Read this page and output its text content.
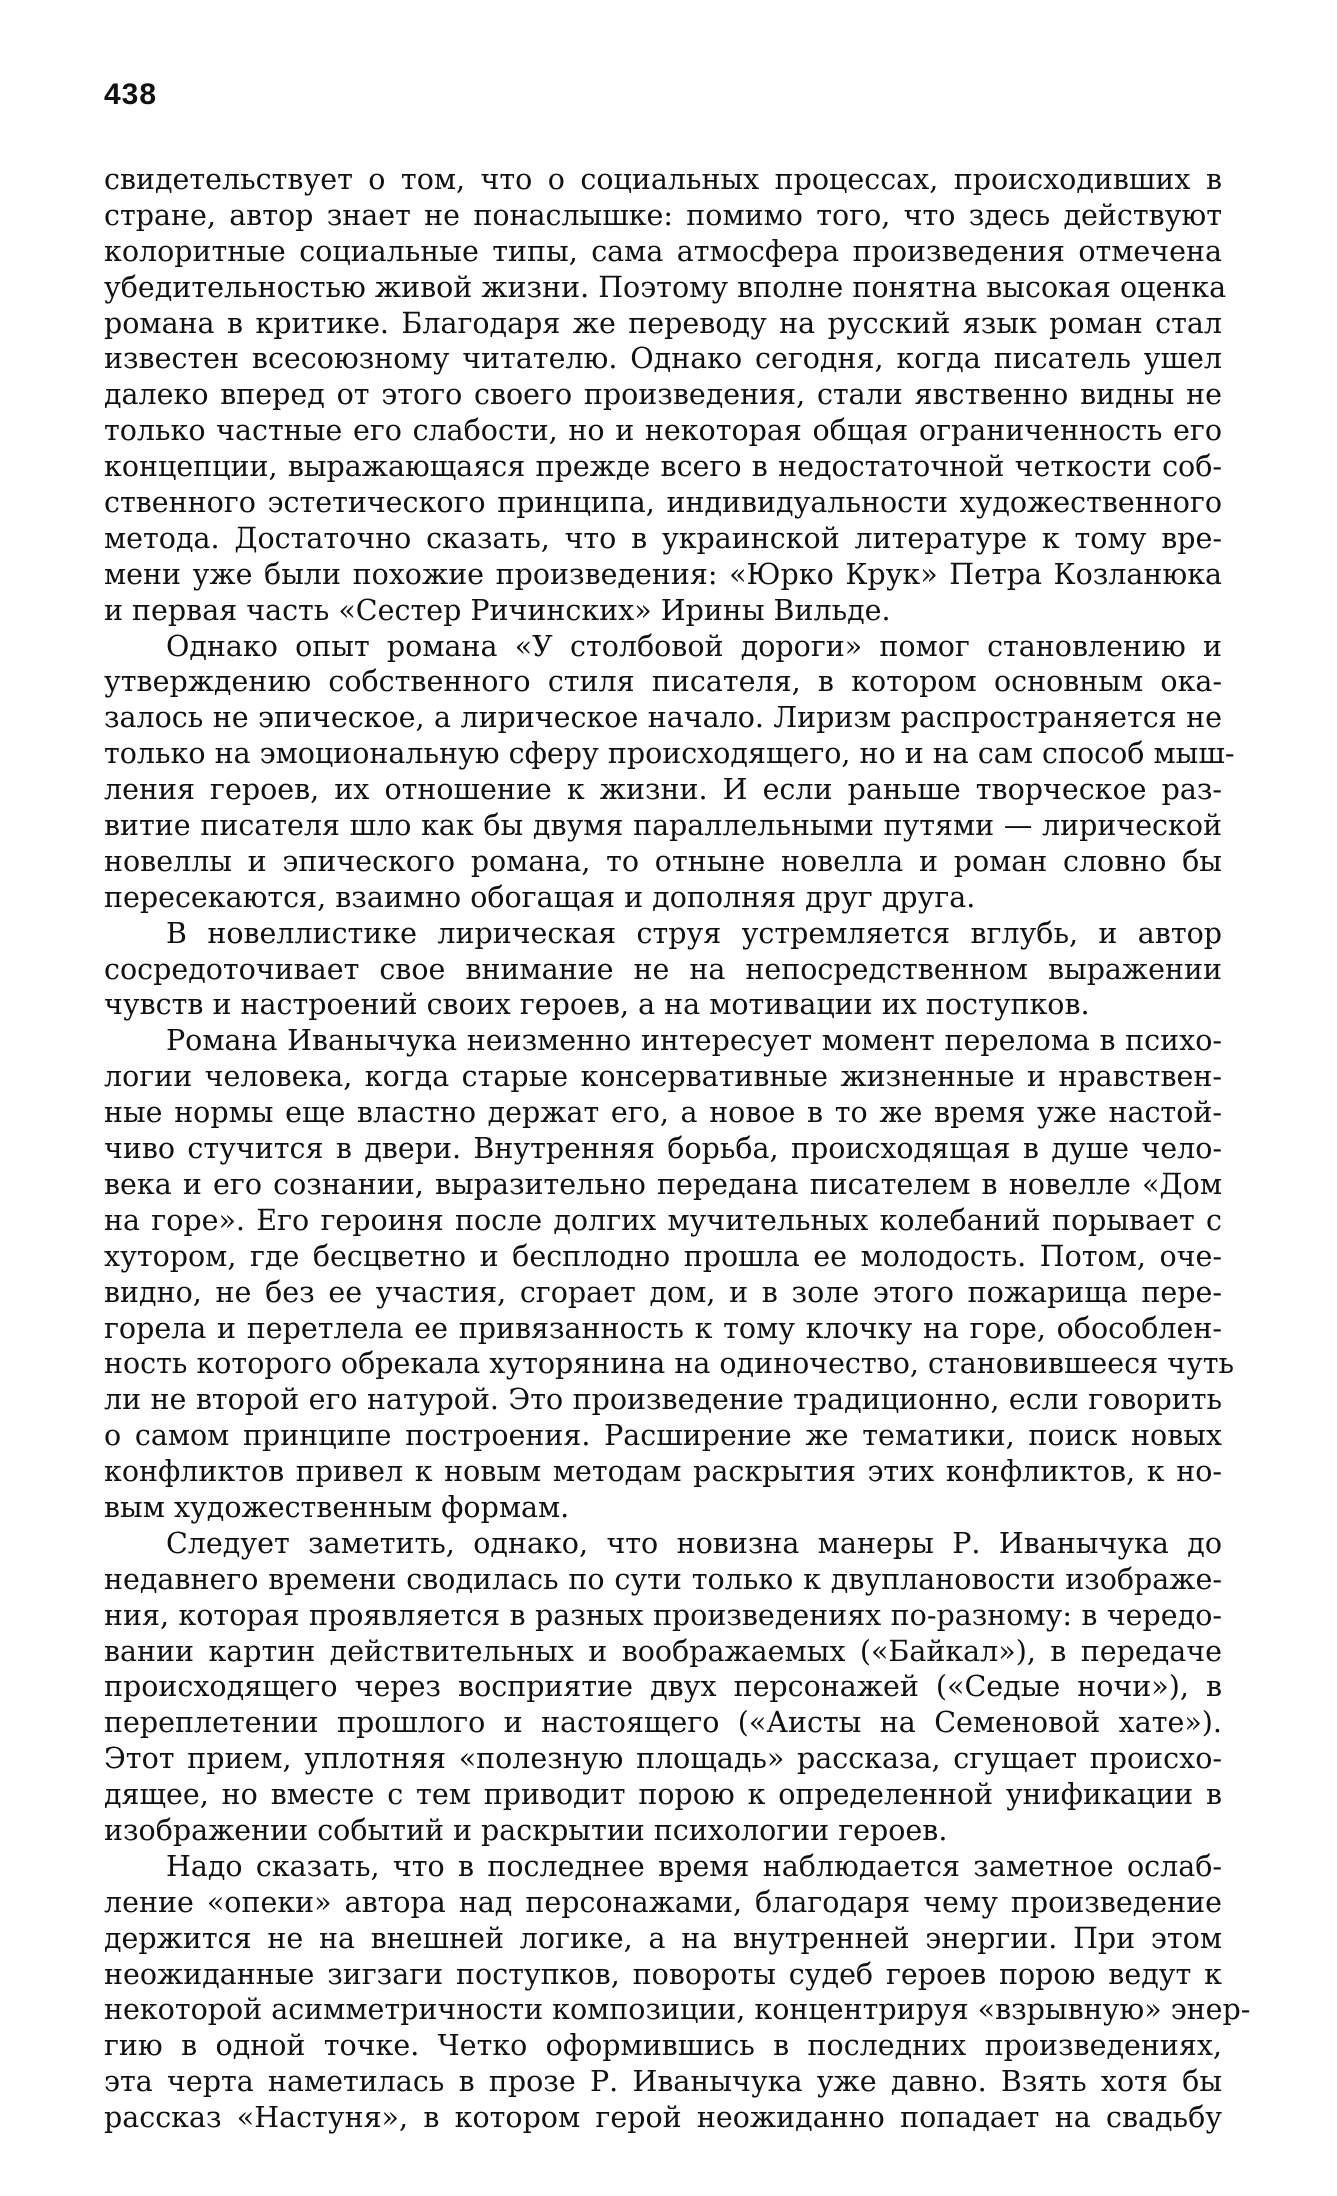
438
свидетельствует о том, что о социальных процессах, происходивших в
стране, автор знает не понаслышке: помимо того, что здесь действуют
колоритные социальные типы, сама атмосфера произведения отмечена
убедительностью живой жизни. Поэтому вполне понятна высокая оценка
романа в критике. Благодаря же переводу на русский язык роман стал
известен всесоюзному читателю. Однако сегодня, когда писатель ушел
далеко вперед от этого своего произведения, стали явственно видны не
только частные его слабости, но и некоторая общая ограниченность его
концепции, выражающаяся прежде всего в недостаточной четкости соб-
ственного эстетического принципа, индивидуальности художественного
метода. Достаточно сказать, что в украинской литературе к тому вре-
мени уже были похожие произведения: «Юрко Крук» Петра Козланюка
и первая часть «Сестер Ричинских» Ирины Вильде.
Однако опыт романа «У столбовой дороги» помог становлению и
утверждению собственного стиля писателя, в котором основным ока-
залось не эпическое, а лирическое начало. Лиризм распространяется не
только на эмоциональную сферу происходящего, но и на сам способ мыш-
ления героев, их отношение к жизни. И если раньше творческое раз-
витие писателя шло как бы двумя параллельными путями — лирической
новеллы и эпического романа, то отныне новелла и роман словно бы
пересекаются, взаимно обогащая и дополняя друг друга.
В новеллистике лирическая струя устремляется вглубь, и автор
сосредоточивает свое внимание не на непосредственном выражении
чувств и настроений своих героев, а на мотивации их поступков.
Романа Иванычука неизменно интересует момент перелома в психо-
логии человека, когда старые консервативные жизненные и нравствен-
ные нормы еще властно держат его, а новое в то же время уже настой-
чиво стучится в двери. Внутренняя борьба, происходящая в душе чело-
века и его сознании, выразительно передана писателем в новелле «Дом
на горе». Его героиня после долгих мучительных колебаний порывает с
хутором, где бесцветно и бесплодно прошла ее молодость. Потом, оче-
видно, не без ее участия, сгорает дом, и в золе этого пожарища пере-
горела и перетлела ее привязанность к тому клочку на горе, обособлен-
ность которого обрекала хуторянина на одиночество, становившееся чуть
ли не второй его натурой. Это произведение традиционно, если говорить
о самом принципе построения. Расширение же тематики, поиск новых
конфликтов привел к новым методам раскрытия этих конфликтов, к но-
вым художественным формам.
Следует заметить, однако, что новизна манеры Р. Иванычука до
недавнего времени сводилась по сути только к двуплановости изображе-
ния, которая проявляется в разных произведениях по-разному: в чередо-
вании картин действительных и воображаемых («Байкал»), в передаче
происходящего через восприятие двух персонажей («Седые ночи»), в
переплетении прошлого и настоящего («Аисты на Семеновой хате»).
Этот прием, уплотняя «полезную площадь» рассказа, сгущает происхо-
дящее, но вместе с тем приводит порою к определенной унификации в
изображении событий и раскрытии психологии героев.
Надо сказать, что в последнее время наблюдается заметное ослаб-
ление «опеки» автора над персонажами, благодаря чему произведение
держится не на внешней логике, а на внутренней энергии. При этом
неожиданные зигзаги поступков, повороты судеб героев порою ведут к
некоторой асимметричности композиции, концентрируя «взрывную» энер-
гию в одной точке. Четко оформившись в последних произведениях,
эта черта наметилась в прозе Р. Иванычука уже давно. Взять хотя бы
рассказ «Настуня», в котором герой неожиданно попадает на свадьбу
